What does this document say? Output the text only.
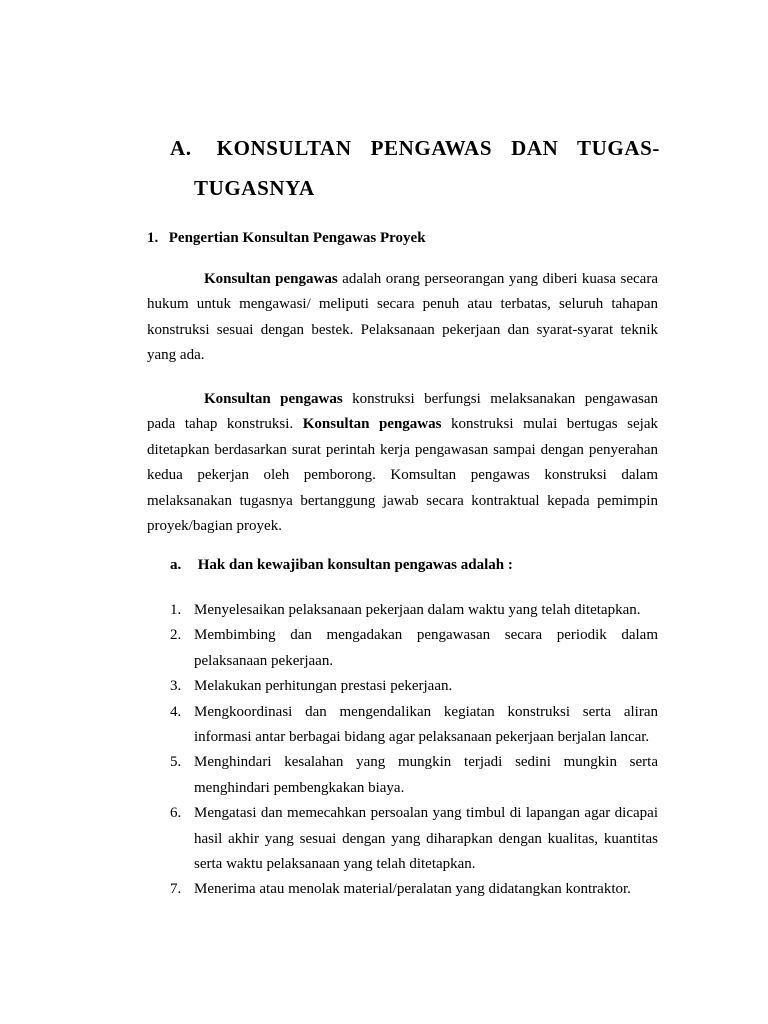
A. KONSULTAN PENGAWAS DAN TUGAS-
TUGASNYA
1. Pengertian Konsultan Pengawas Proyek

Konsultan pengawas adalah orang perseorangan yang diberi kuasa secara hukum untuk mengawasi/ meliputi secara penuh atau terbatas, seluruh tahapan konstruksi sesuai dengan bestek. Pelaksanaan pekerjaan dan syarat-syarat teknik yang ada.

Konsultan pengawas konstruksi berfungsi melaksanakan pengawasan pada tahap konstruksi. Konsultan pengawas konstruksi mulai bertugas sejak ditetapkan berdasarkan surat perintah kerja pengawasan sampai dengan penyerahan kedua pekerjan oleh pemborong. Komsultan pengawas konstruksi dalam melaksanakan tugasnya bertanggung jawab secara kontraktual kepada pemimpin proyek/bagian proyek.

a. Hak dan kewajiban konsultan pengawas adalah :
1. Menyelesaikan pelaksanaan pekerjaan dalam waktu yang telah ditetapkan.
2. Membimbing dan mengadakan pengawasan secara periodik dalam pelaksanaan pekerjaan.
3. Melakukan perhitungan prestasi pekerjaan.
4. Mengkoordinasi dan mengendalikan kegiatan konstruksi serta aliran informasi antar berbagai bidang agar pelaksanaan pekerjaan berjalan lancar.
5. Menghindari kesalahan yang mungkin terjadi sedini mungkin serta menghindari pembengkakan biaya.
6. Mengatasi dan memecahkan persoalan yang timbul di lapangan agar dicapai hasil akhir yang sesuai dengan yang diharapkan dengan kualitas, kuantitas serta waktu pelaksanaan yang telah ditetapkan.
7. Menerima atau menolak material/peralatan yang didatangkan kontraktor.
